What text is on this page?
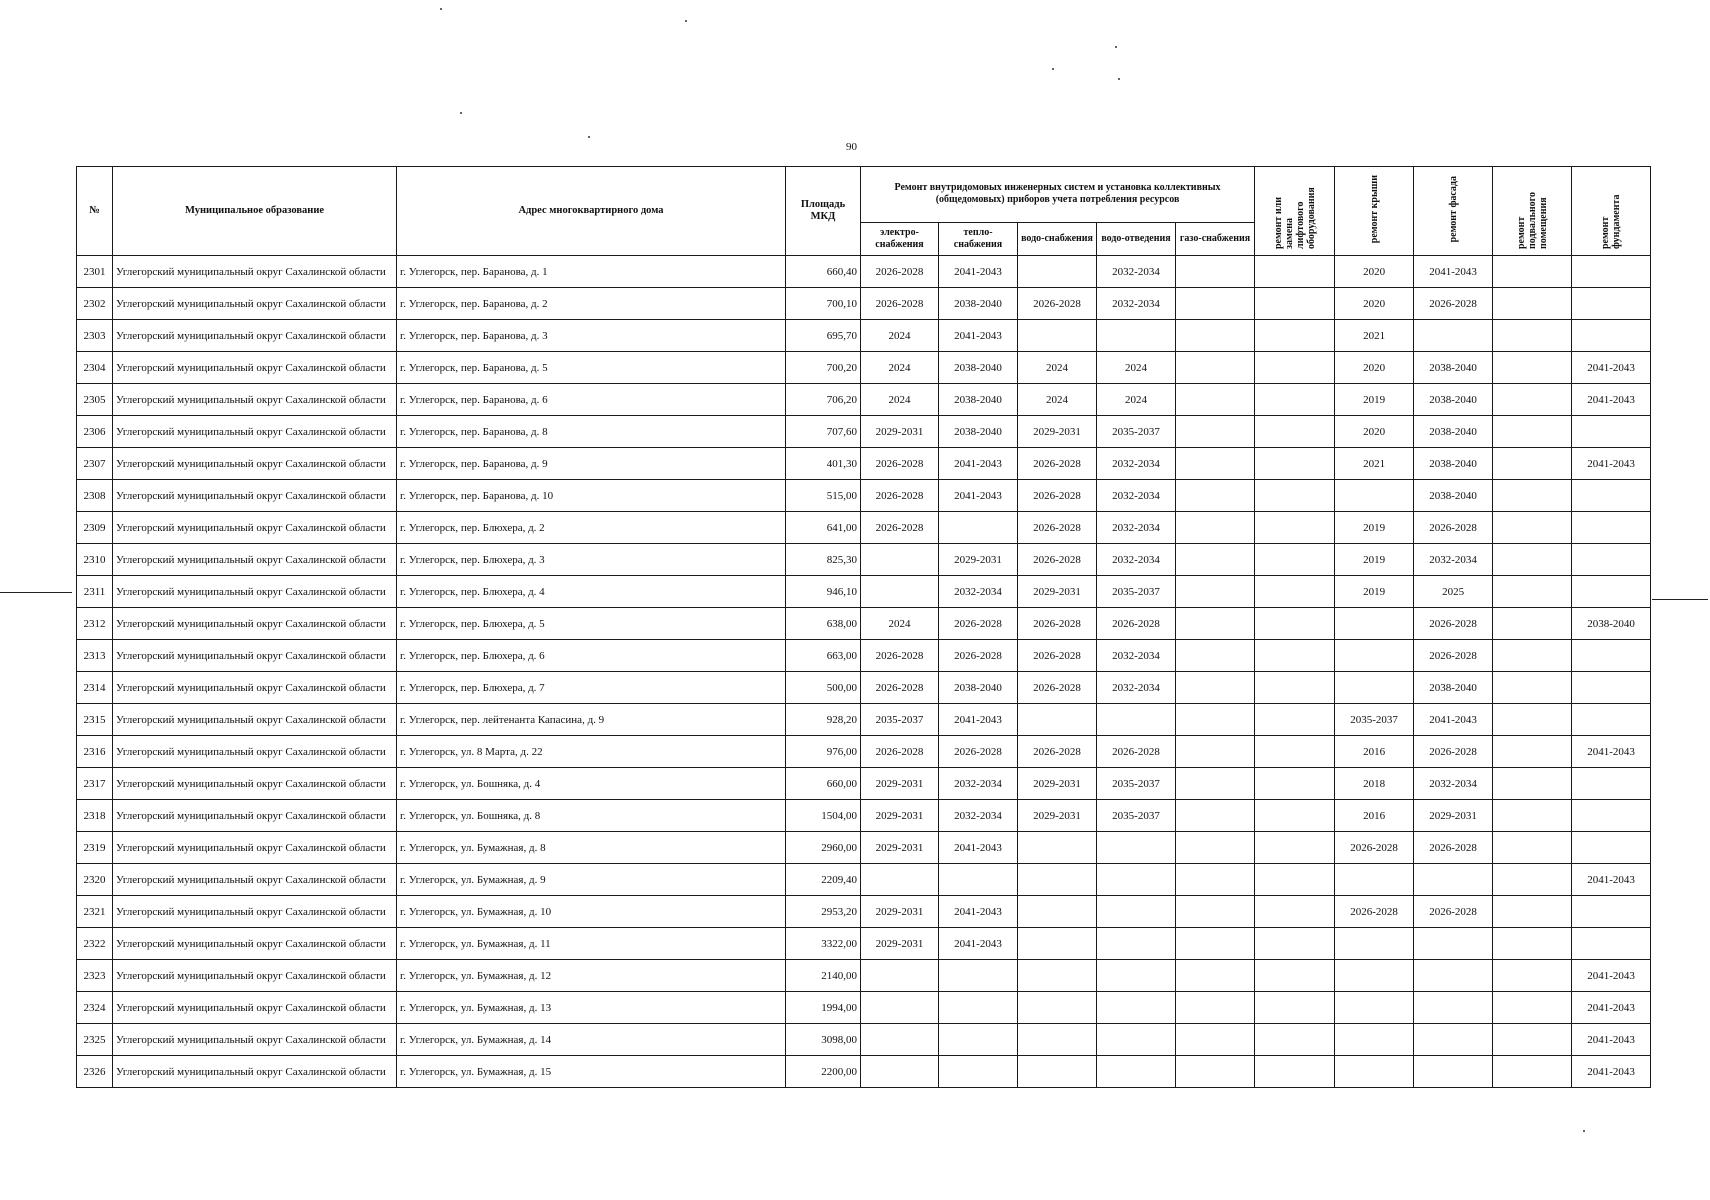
90
№	Муниципальное образование	Адрес многоквартирного дома	Площадь МКД	Ремонт внутридомовых инженерных систем и установка коллективных (общедомовых) приборов учета потребления ресурсов					ремонт или замена лифтового оборудования	ремонт крыши	ремонт фасада	ремонт подвального помещения	ремонт фундамента
				электро-снабжения	тепло-снабжения	водо-снабжения	водо-отведения	газо-снабжения					
2301	Углегорский муниципальный округ Сахалинской области	г. Углегорск, пер. Баранова, д. 1	660,40	2026-2028	2041-2043		2032-2034			2020	2041-2043		
2302	Углегорский муниципальный округ Сахалинской области	г. Углегорск, пер. Баранова, д. 2	700,10	2026-2028	2038-2040	2026-2028	2032-2034			2020	2026-2028		
2303	Углегорский муниципальный округ Сахалинской области	г. Углегорск, пер. Баранова, д. 3	695,70	2024	2041-2043					2021			
2304	Углегорский муниципальный округ Сахалинской области	г. Углегорск, пер. Баранова, д. 5	700,20	2024	2038-2040	2024	2024			2020	2038-2040		2041-2043
2305	Углегорский муниципальный округ Сахалинской области	г. Углегорск, пер. Баранова, д. 6	706,20	2024	2038-2040	2024	2024			2019	2038-2040		2041-2043
2306	Углегорский муниципальный округ Сахалинской области	г. Углегорск, пер. Баранова, д. 8	707,60	2029-2031	2038-2040	2029-2031	2035-2037			2020	2038-2040		
2307	Углегорский муниципальный округ Сахалинской области	г. Углегорск, пер. Баранова, д. 9	401,30	2026-2028	2041-2043	2026-2028	2032-2034			2021	2038-2040		2041-2043
2308	Углегорский муниципальный округ Сахалинской области	г. Углегорск, пер. Баранова, д. 10	515,00	2026-2028	2041-2043	2026-2028	2032-2034				2038-2040		
2309	Углегорский муниципальный округ Сахалинской области	г. Углегорск, пер. Блюхера, д. 2	641,00	2026-2028		2026-2028	2032-2034			2019	2026-2028		
2310	Углегорский муниципальный округ Сахалинской области	г. Углегорск, пер. Блюхера, д. 3	825,30		2029-2031	2026-2028	2032-2034			2019	2032-2034		
2311	Углегорский муниципальный округ Сахалинской области	г. Углегорск, пер. Блюхера, д. 4	946,10		2032-2034	2029-2031	2035-2037			2019	2025		
2312	Углегорский муниципальный округ Сахалинской области	г. Углегорск, пер. Блюхера, д. 5	638,00	2024	2026-2028	2026-2028	2026-2028				2026-2028		2038-2040
2313	Углегорский муниципальный округ Сахалинской области	г. Углегорск, пер. Блюхера, д. 6	663,00	2026-2028	2026-2028	2026-2028	2032-2034				2026-2028		
2314	Углегорский муниципальный округ Сахалинской области	г. Углегорск, пер. Блюхера, д. 7	500,00	2026-2028	2038-2040	2026-2028	2032-2034				2038-2040		
2315	Углегорский муниципальный округ Сахалинской области	г. Углегорск, пер. лейтенанта Капасина, д. 9	928,20	2035-2037	2041-2043					2035-2037	2041-2043		
2316	Углегорский муниципальный округ Сахалинской области	г. Углегорск, ул. 8 Марта, д. 22	976,00	2026-2028	2026-2028	2026-2028	2026-2028			2016	2026-2028		2041-2043
2317	Углегорский муниципальный округ Сахалинской области	г. Углегорск, ул. Бошняка, д. 4	660,00	2029-2031	2032-2034	2029-2031	2035-2037			2018	2032-2034		
2318	Углегорский муниципальный округ Сахалинской области	г. Углегорск, ул. Бошняка, д. 8	1504,00	2029-2031	2032-2034	2029-2031	2035-2037			2016	2029-2031		
2319	Углегорский муниципальный округ Сахалинской области	г. Углегорск, ул. Бумажная, д. 8	2960,00	2029-2031	2041-2043					2026-2028	2026-2028		
2320	Углегорский муниципальный округ Сахалинской области	г. Углегорск, ул. Бумажная, д. 9	2209,40										2041-2043
2321	Углегорский муниципальный округ Сахалинской области	г. Углегорск, ул. Бумажная, д. 10	2953,20	2029-2031	2041-2043					2026-2028	2026-2028		
2322	Углегорский муниципальный округ Сахалинской области	г. Углегорск, ул. Бумажная, д. 11	3322,00	2029-2031	2041-2043								
2323	Углегорский муниципальный округ Сахалинской области	г. Углегорск, ул. Бумажная, д. 12	2140,00										2041-2043
2324	Углегорский муниципальный округ Сахалинской области	г. Углегорск, ул. Бумажная, д. 13	1994,00										2041-2043
2325	Углегорский муниципальный округ Сахалинской области	г. Углегорск, ул. Бумажная, д. 14	3098,00										2041-2043
2326	Углегорский муниципальный округ Сахалинской области	г. Углегорск, ул. Бумажная, д. 15	2200,00										2041-2043
